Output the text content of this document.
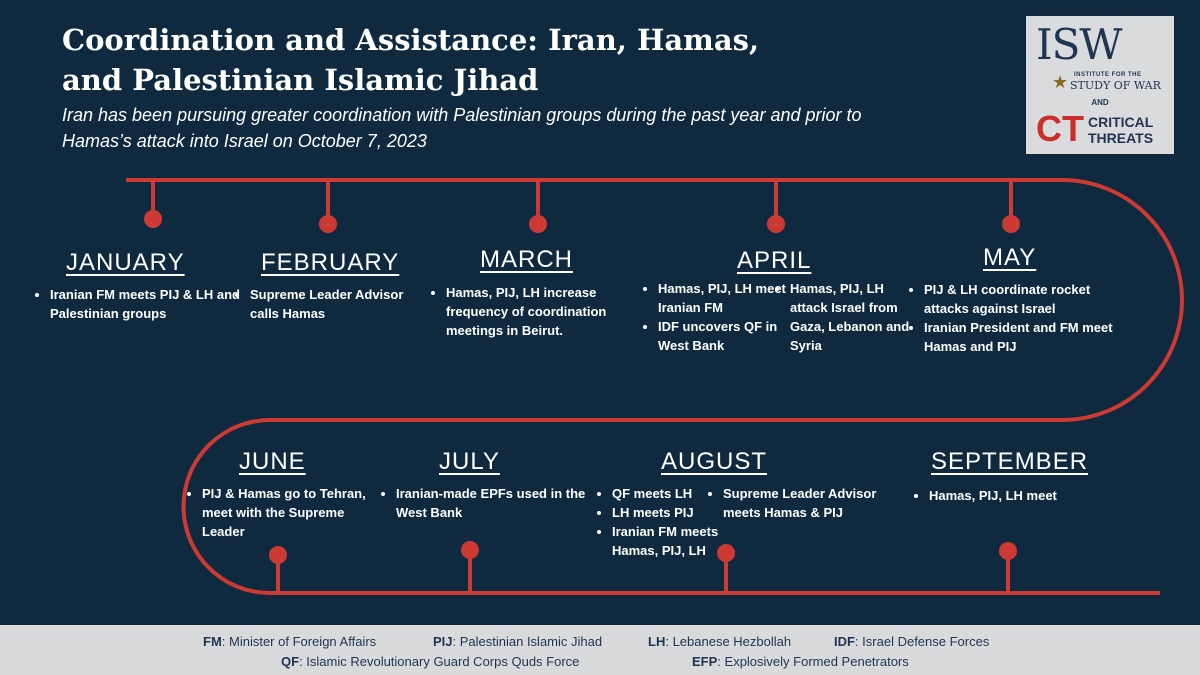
Coordination and Assistance: Iran, Hamas,
and Palestinian Islamic Jihad
Iran has been pursuing greater coordination with Palestinian groups during the past year and prior to Hamas’s attack into Israel on October 7, 2023
ISW
★ INSTITUTE FOR THE
STUDY OF WAR
AND
CT CRITICAL
THREATS
JANUARY
• Iranian FM meets PIJ & LH and Palestinian groups
FEBRUARY
• Supreme Leader Advisor calls Hamas
MARCH
• Hamas, PIJ, LH increase frequency of coordination meetings in Beirut.
APRIL
• Hamas, PIJ, LH meet Iranian FM
• IDF uncovers QF in West Bank
• Hamas, PIJ, LH attack Israel from Gaza, Lebanon and Syria
MAY
• PIJ & LH coordinate rocket attacks against Israel
• Iranian President and FM meet Hamas and PIJ
JUNE
• PIJ & Hamas go to Tehran, meet with the Supreme Leader
JULY
• Iranian-made EPFs used in the West Bank
AUGUST
• QF meets LH
• LH meets PIJ
• Iranian FM meets Hamas, PIJ, LH
• Supreme Leader Advisor meets Hamas & PIJ
SEPTEMBER
• Hamas, PIJ, LH meet
FM: Minister of Foreign Affairs	PIJ: Palestinian Islamic Jihad	LH: Lebanese Hezbollah	IDF: Israel Defense Forces
QF: Islamic Revolutionary Guard Corps Quds Force	EFP: Explosively Formed Penetrators
